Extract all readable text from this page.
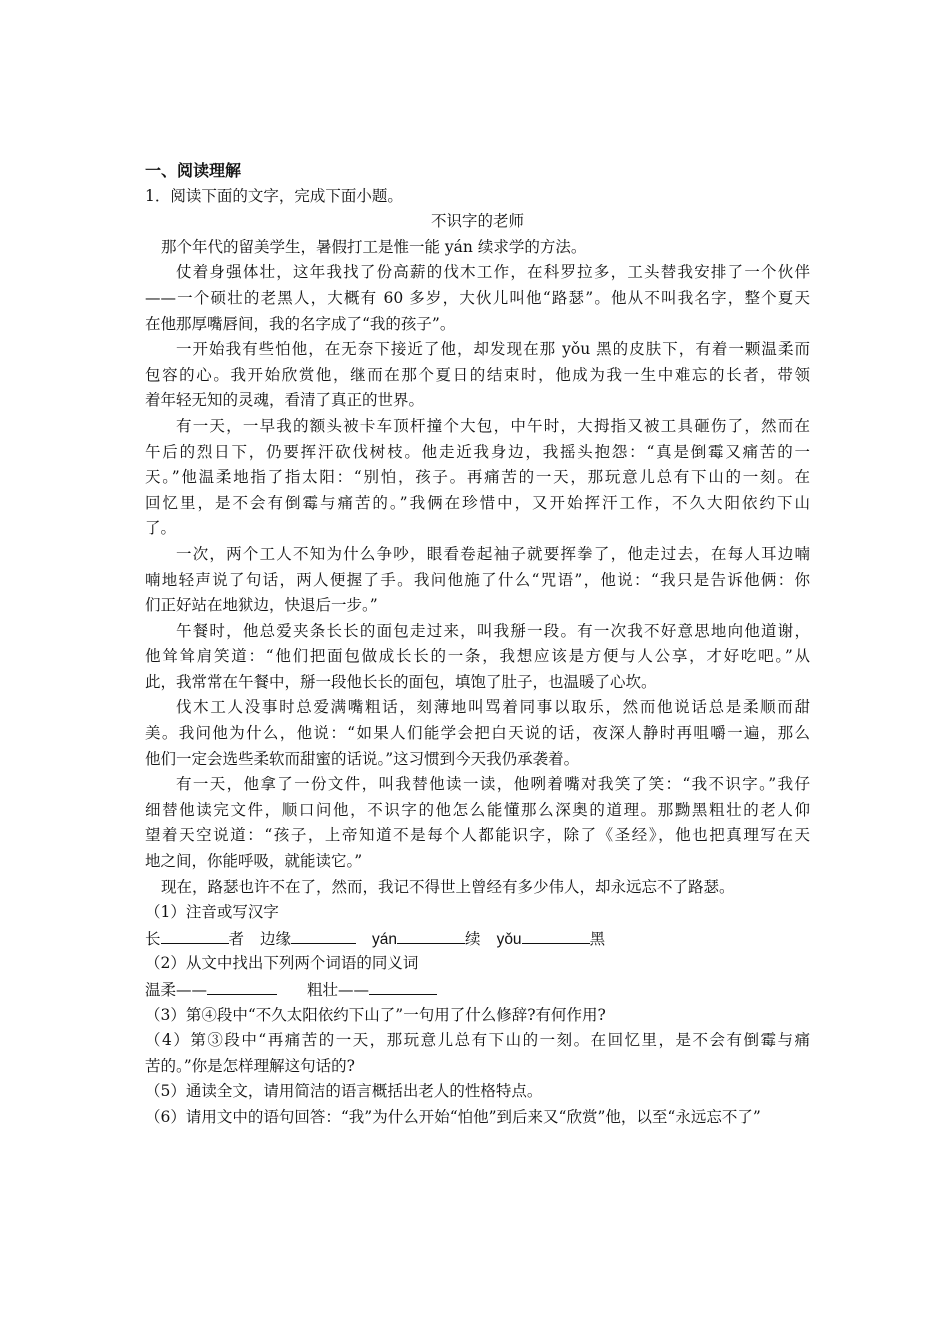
一、阅读理解
1．阅读下面的文字，完成下面小题。
不识字的老师
那个年代的留美学生，暑假打工是惟一能 yán 续求学的方法。
仗着身强体壮，这年我找了份高薪的伐木工作，在科罗拉多，工头替我安排了一个伙伴
——一个硕壮的老黑人，大概有 60 多岁，大伙儿叫他“路瑟”。他从不叫我名字，整个夏天
在他那厚嘴唇间，我的名字成了“我的孩子”。
一开始我有些怕他，在无奈下接近了他，却发现在那 yǒu 黑的皮肤下，有着一颗温柔而
包容的心。我开始欣赏他，继而在那个夏日的结束时，他成为我一生中难忘的长者，带领
着年轻无知的灵魂，看清了真正的世界。
有一天，一早我的额头被卡车顶杆撞个大包，中午时，大拇指又被工具砸伤了，然而在
午后的烈日下，仍要挥汗砍伐树枝。他走近我身边，我摇头抱怨：“真是倒霉又痛苦的一
天。”他温柔地指了指太阳：“别怕，孩子。再痛苦的一天，那玩意儿总有下山的一刻。在
回忆里，是不会有倒霉与痛苦的。”我俩在珍惜中，又开始挥汗工作，不久大阳依约下山
了。
一次，两个工人不知为什么争吵，眼看卷起袖子就要挥拳了，他走过去，在每人耳边喃
喃地轻声说了句话，两人便握了手。我问他施了什么“咒语”，他说：“我只是告诉他俩：你
们正好站在地狱边，快退后一步。”
午餐时，他总爱夹条长长的面包走过来，叫我掰一段。有一次我不好意思地向他道谢，
他耸耸肩笑道：“他们把面包做成长长的一条，我想应该是方便与人公享，才好吃吧。”从
此，我常常在午餐中，掰一段他长长的面包，填饱了肚子，也温暖了心坎。
伐木工人没事时总爱满嘴粗话，刻薄地叫骂着同事以取乐，然而他说话总是柔顺而甜
美。我问他为什么，他说：“如果人们能学会把白天说的话，夜深人静时再咀嚼一遍，那么
他们一定会选些柔软而甜蜜的话说。”这习惯到今天我仍承袭着。
有一天，他拿了一份文件，叫我替他读一读，他咧着嘴对我笑了笑：“我不识字。”我仔
细替他读完文件，顺口问他，不识字的他怎么能懂那么深奥的道理。那黝黑粗壮的老人仰
望着天空说道：“孩子，上帝知道不是每个人都能识字，除了《圣经》，他也把真理写在天
地之间，你能呼吸，就能读它。”
现在，路瑟也许不在了，然而，我记不得世上曾经有多少伟人，却永远忘不了路瑟。
（1）注音或写汉字
长	者 边缘	yán	续 yǒu	黑
（2）从文中找出下列两个词语的同义词
温柔——	粗壮——
（3）第④段中“不久太阳依约下山了”一句用了什么修辞?有何作用?
（4）第③段中“再痛苦的一天，那玩意儿总有下山的一刻。在回忆里，是不会有倒霉与痛
苦的。”你是怎样理解这句话的?
（5）通读全文，请用简洁的语言概括出老人的性格特点。
（6）请用文中的语句回答：“我”为什么开始“怕他”到后来又“欣赏”他，以至“永远忘不了”
